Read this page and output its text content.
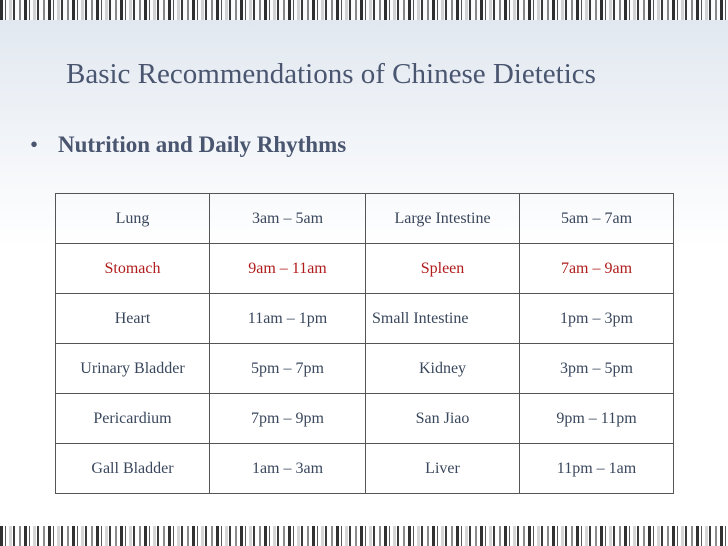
Basic Recommendations of Chinese Dietetics
• Nutrition and Daily Rhythms
Lung	3am – 5am	Large Intestine	5am – 7am
Stomach	9am – 11am	Spleen	7am – 9am
Heart	11am – 1pm	Small Intestine	1pm – 3pm
Urinary Bladder	5pm – 7pm	Kidney	3pm – 5pm
Pericardium	7pm – 9pm	San Jiao	9pm – 11pm
Gall Bladder	1am – 3am	Liver	11pm – 1am
